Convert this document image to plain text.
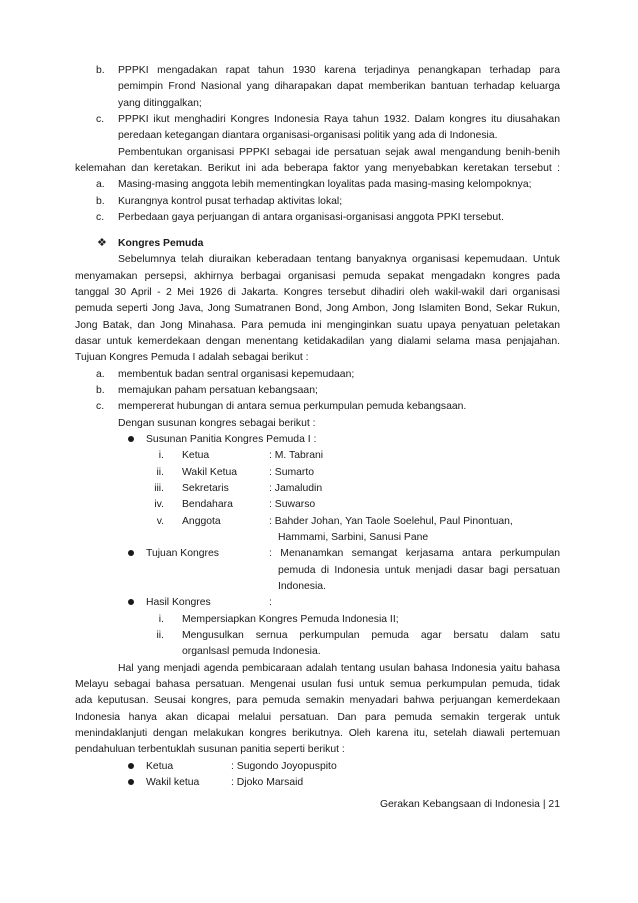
b. PPPKI mengadakan rapat tahun 1930 karena terjadinya penangkapan terhadap para
pemimpin Frond Nasional yang diharapakan dapat memberikan bantuan terhadap keluarga
yang ditinggalkan;
c. PPPKI ikut menghadiri Kongres Indonesia Raya tahun 1932. Dalam kongres itu diusahakan
peredaan ketegangan diantara organisasi-organisasi politik yang ada di Indonesia.
Pembentukan organisasi PPPKI sebagai ide persatuan sejak awal mengandung benih-benih
kelemahan dan keretakan. Berikut ini ada beberapa faktor yang menyebabkan keretakan tersebut :
a. Masing-masing anggota lebih mementingkan loyalitas pada masing-masing kelompoknya;
b. Kurangnya kontrol pusat terhadap aktivitas lokal;
c. Perbedaan gaya perjuangan di antara organisasi-organisasi anggota PPKI tersebut.
❖ Kongres Pemuda
Sebelumnya telah diuraikan keberadaan tentang banyaknya organisasi kepemudaan. Untuk
menyamakan persepsi, akhirnya berbagai organisasi pemuda sepakat mengadakn kongres pada
tanggal 30 April - 2 Mei 1926 di Jakarta. Kongres tersebut dihadiri oleh wakil-wakil dari organisasi
pemuda seperti Jong Java, Jong Sumatranen Bond, Jong Ambon, Jong Islamiten Bond, Sekar Rukun,
Jong Batak, dan Jong Minahasa. Para pemuda ini menginginkan suatu upaya penyatuan peletakan
dasar untuk kemerdekaan dengan menentang ketidakadilan yang dialami selama masa penjajahan.
Tujuan Kongres Pemuda I adalah sebagai berikut :
a. membentuk badan sentral organisasi kepemudaan;
b. memajukan paham persatuan kebangsaan;
c. mempererat hubungan di antara semua perkumpulan pemuda kebangsaan.
Dengan susunan kongres sebagai berikut :
Susunan Panitia Kongres Pemuda I :
i. Ketua	: M. Tabrani
ii. Wakil Ketua	: Sumarto
iii. Sekretaris	: Jamaludin
iv. Bendahara	: Suwarso
v. Anggota	: Bahder Johan, Yan Taole Soelehul, Paul Pinontuan,
Hammami, Sarbini, Sanusi Pane
Tujuan Kongres	: Menanamkan semangat kerjasama antara perkumpulan
pemuda di Indonesia untuk menjadi dasar bagi persatuan
Indonesia.
Hasil Kongres	:
i. Mempersiapkan Kongres Pemuda Indonesia II;
ii. Mengusulkan sernua perkumpulan pemuda agar bersatu dalam satu
organlsasl pemuda Indonesia.
Hal yang menjadi agenda pembicaraan adalah tentang usulan bahasa Indonesia yaitu bahasa
Melayu sebagai bahasa persatuan. Mengenai usulan fusi untuk semua perkumpulan pemuda, tidak
ada keputusan. Seusai kongres, para pemuda semakin menyadari bahwa perjuangan kemerdekaan
Indonesia hanya akan dicapai melalui persatuan. Dan para pemuda semakin tergerak untuk
menindaklanjuti dengan melakukan kongres berikutnya. Oleh karena itu, setelah diawali pertemuan
pendahuluan terbentuklah susunan panitia seperti berikut :
Ketua	: Sugondo Joyopuspito
Wakil ketua	: Djoko Marsaid
Gerakan Kebangsaan di Indonesia | 21
